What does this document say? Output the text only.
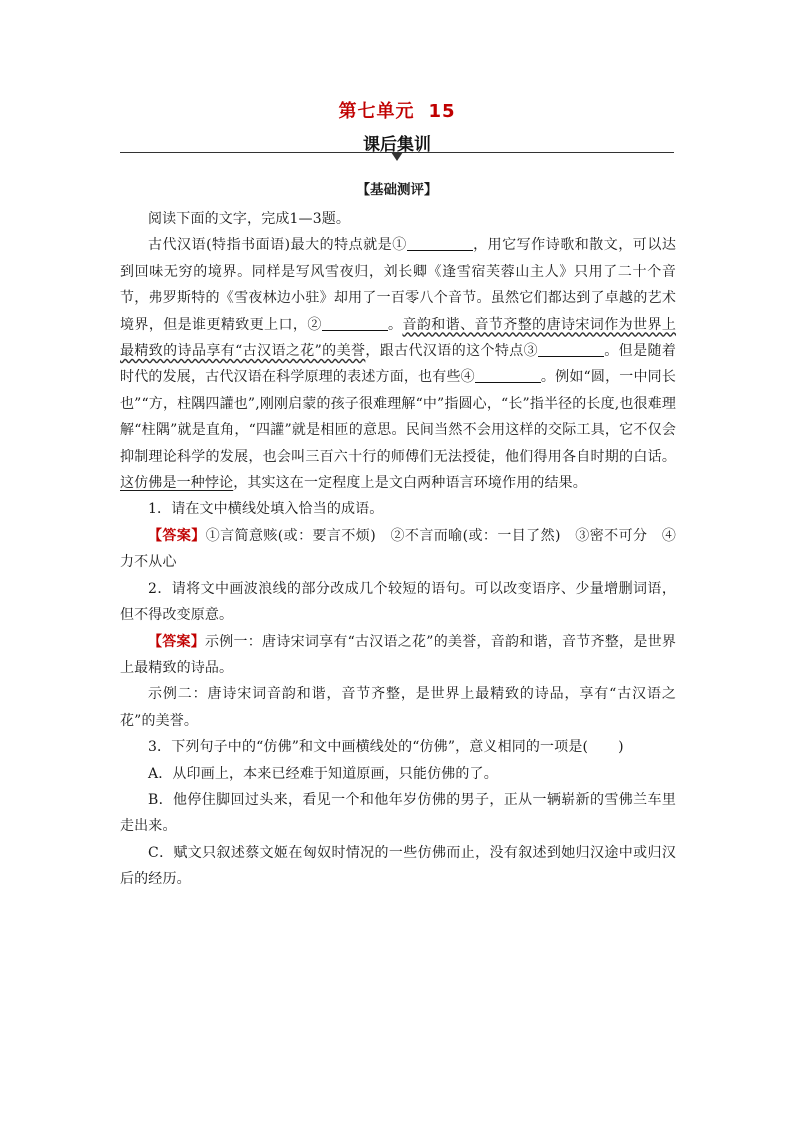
第七单元 15
课后集训
【基础测评】

阅读下面的文字，完成1—3题。

古代汉语(特指书面语)最大的特点就是①	，用它写作诗歌和散文，可以达到回味无穷的境界。同样是写风雪夜归，刘长卿《逢雪宿芙蓉山主人》只用了二十个音节，弗罗斯特的《雪夜林边小驻》却用了一百零八个音节。虽然它们都达到了卓越的艺术境界，但是谁更精致更上口，②	。音韵和谐、音节齐整的唐诗宋词作为世界上最精致的诗品享有“古汉语之花”的美誉，跟古代汉语的这个特点③	。但是随着时代的发展，古代汉语在科学原理的表述方面，也有些④	。例如“圆，一中同长也”“方，柱隅四讙也”,刚刚启蒙的孩子很难理解“中”指圆心，“长”指半径的长度,也很难理解“柱隅”就是直角，“四讙”就是相匝的意思。民间当然不会用这样的交际工具，它不仅会抑制理论科学的发展，也会叫三百六十行的师傅们无法授徒，他们得用各自时期的白话。这仿佛是一种悖论，其实这在一定程度上是文白两种语言环境作用的结果。

1．请在文中横线处填入恰当的成语。

【答案】①言简意赅(或：要言不烦)　②不言而喻(或：一目了然)　③密不可分　④力不从心

2．请将文中画波浪线的部分改成几个较短的语句。可以改变语序、少量增删词语，但不得改变原意。

【答案】示例一：唐诗宋词享有“古汉语之花”的美誉，音韵和谐，音节齐整，是世界上最精致的诗品。

示例二：唐诗宋词音韵和谐，音节齐整，是世界上最精致的诗品，享有“古汉语之花”的美誉。

3．下列句子中的“仿佛”和文中画横线处的“仿佛”，意义相同的一项是( )

A．从印画上，本来已经难于知道原画，只能仿佛的了。

B．他停住脚回过头来，看见一个和他年岁仿佛的男子，正从一辆崭新的雪佛兰车里走出来。

C．赋文只叙述蔡文姬在匈奴时情况的一些仿佛而止，没有叙述到她归汉途中或归汉后的经历。
